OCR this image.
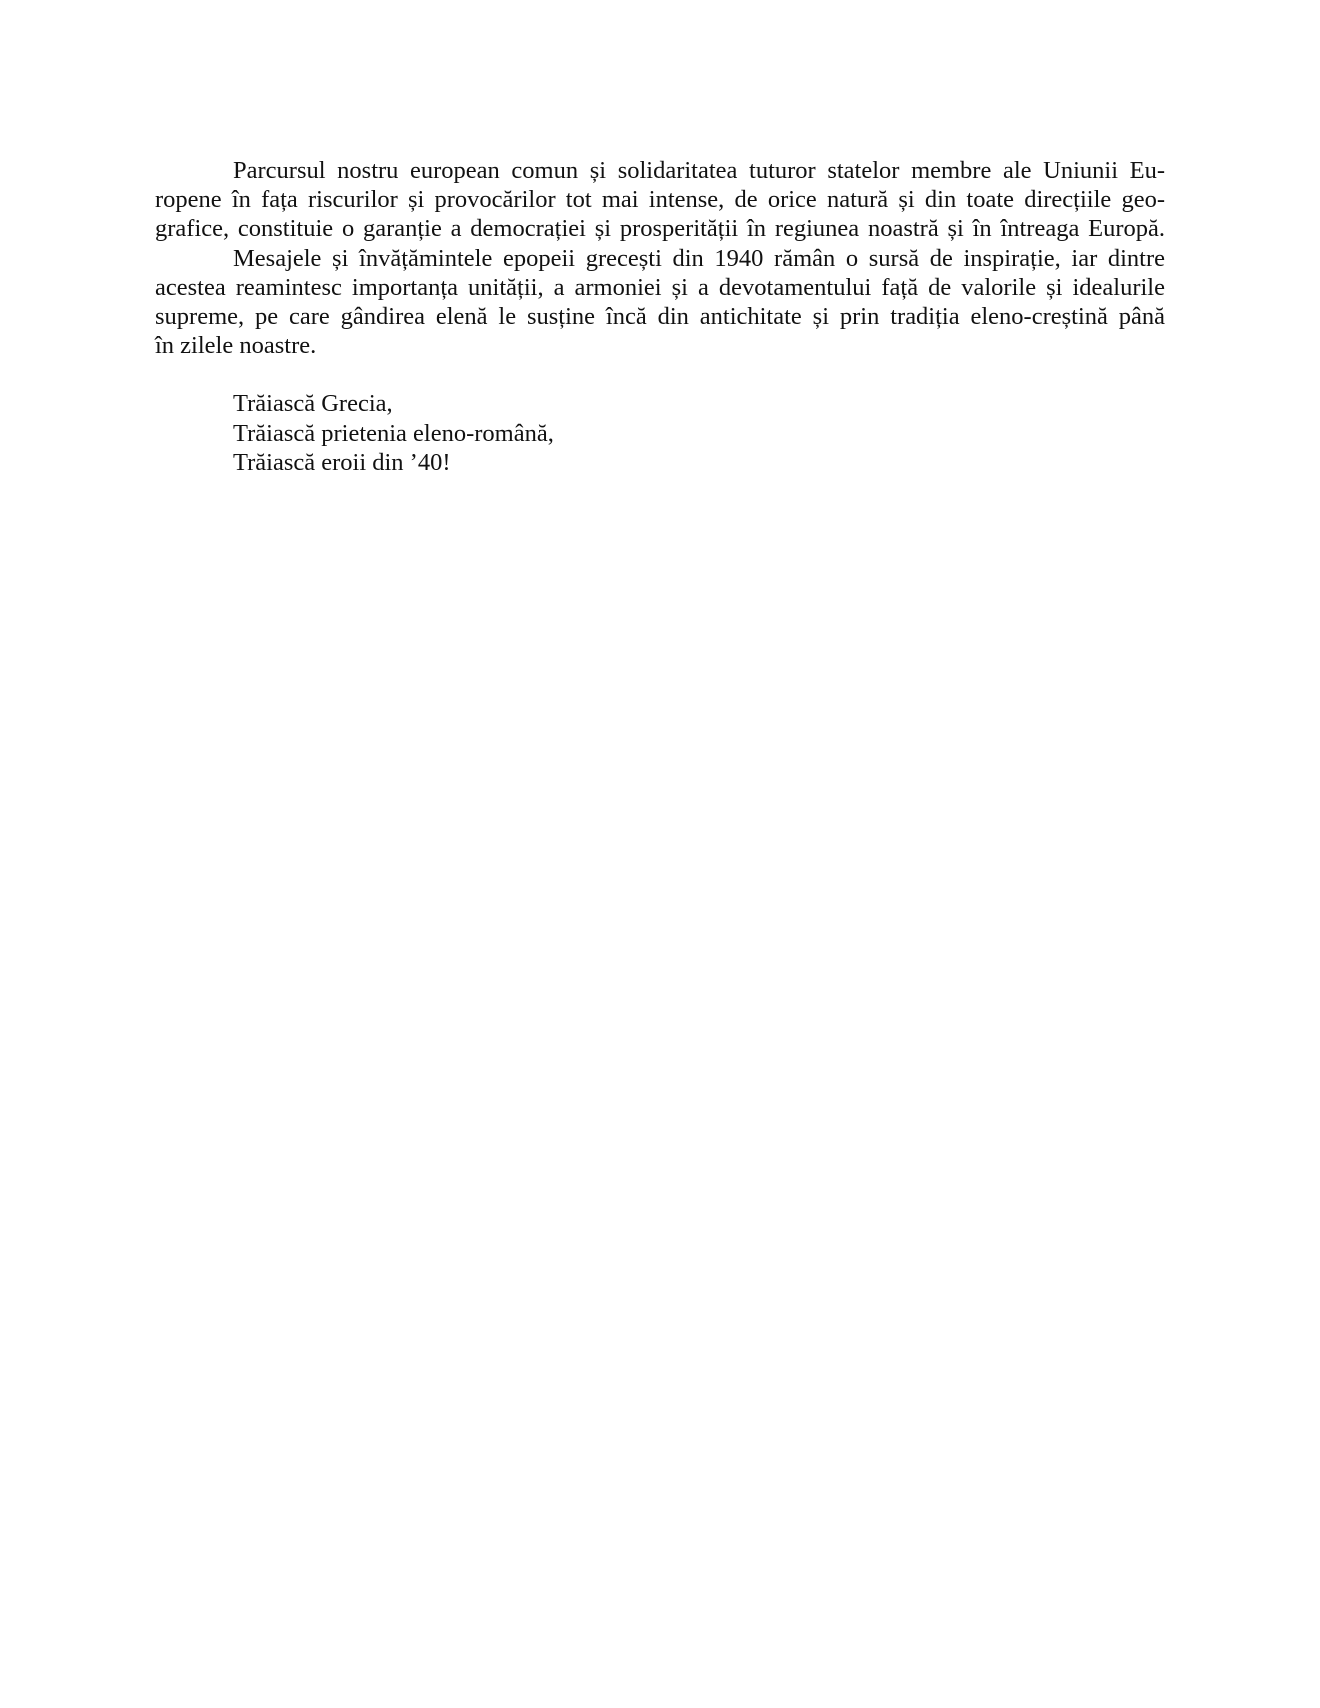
Parcursul nostru european comun și solidaritatea tuturor statelor membre ale Uniunii Eu-
ropene în fața riscurilor și provocărilor tot mai intense, de orice natură și din toate direcțiile geo-
grafice, constituie o garanție a democrației și prosperității în regiunea noastră și în întreaga Europă.
Mesajele și învățămintele epopeii grecești din 1940 rămân o sursă de inspirație, iar dintre
acestea reamintesc importanța unității, a armoniei și a devotamentului față de valorile și idealurile
supreme, pe care gândirea elenă le susține încă din antichitate și prin tradiția eleno-creștină până
în zilele noastre.
Trăiască Grecia,
Trăiască prietenia eleno-română,
Trăiască eroii din ’40!
